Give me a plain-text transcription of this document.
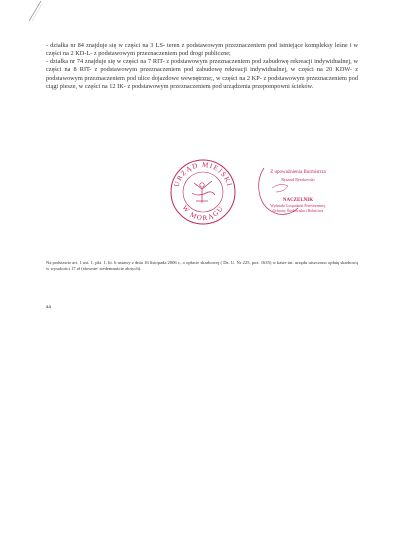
- działka nr 84 znajduje się w części na 3 LS- teren z podstawowym przeznaczeniem pod istniejące kompleksy leśne i w części na 2 KD-L- z podstawowym przeznaczeniem pod drogi publiczne;

- działka nr 74 znajduje się w części na 7 RIT- z podstawowym przeznaczeniem pod zabudowę rekreacji indywidualnej, w części na 8 RIT- z podstawowym przeznaczeniem pod zabudowę rekreacji indywidualnej, w części na 20 KDW- z podstawowym przeznaczeniem pod ulice dojazdowe wewnętrzne;, w części na 2 KP- z podstawowym przeznaczeniem pod ciągi piesze, w części na 12 IK- z podstawowym przeznaczeniem pod urządzenia przepompowni ścieków.

URZĄD MIEJSKI
W MORĄGU
Z upoważnienia Burmistrza
Ryszard Ryszkowski
NACZELNIK
Wydziału Gospodarki Przestrzennej,
Ochrony Środowiska i Rolnictwa

Na podstawie art. 1 ust. 1, pkt. 1, lit. b ustawy z dnia 16 listopada 2006 r., o opłacie skarbowej ( Dz. U. Nr 225, poz. 1635) w kasie tut. urzędu uiszczono opłatę skarbową w wysokości 17 zł (słownie: siedemnaście złotych).

aa
